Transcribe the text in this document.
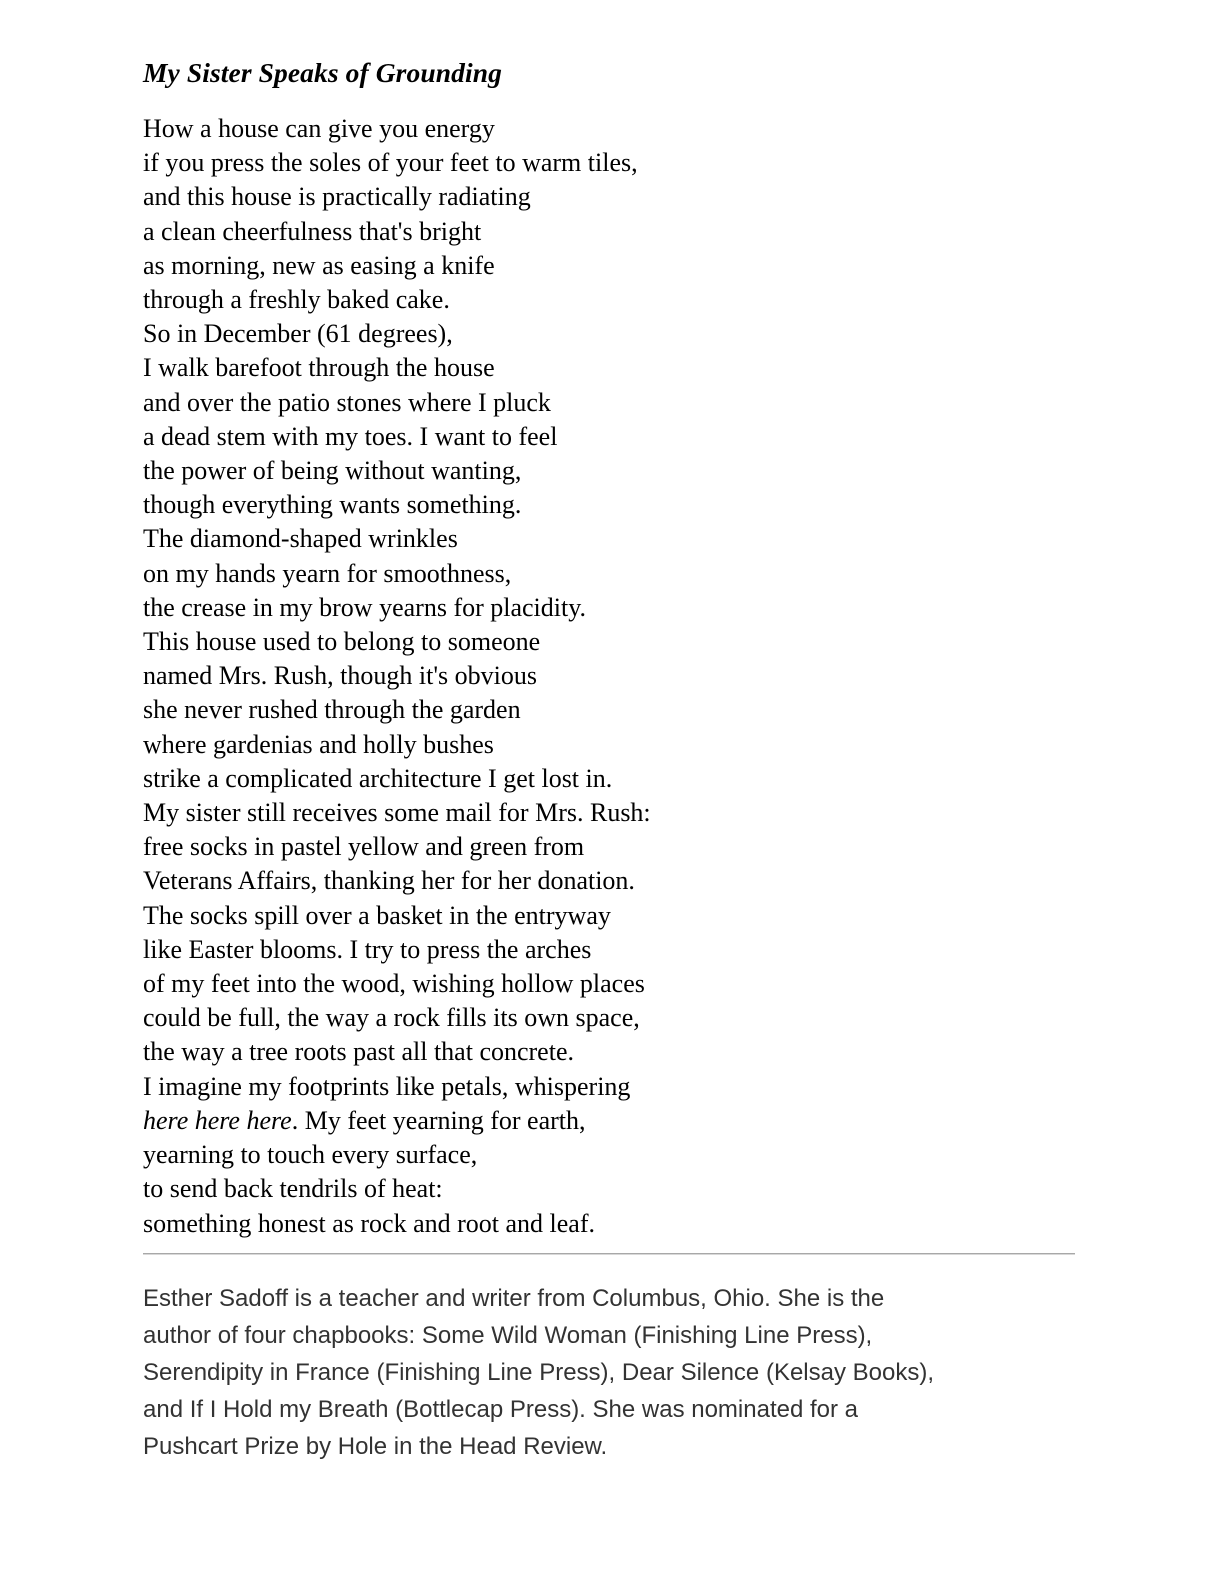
My Sister Speaks of Grounding
How a house can give you energy
if you press the soles of your feet to warm tiles,
and this house is practically radiating
a clean cheerfulness that's bright
as morning, new as easing a knife
through a freshly baked cake.
So in December (61 degrees),
I walk barefoot through the house
and over the patio stones where I pluck
a dead stem with my toes. I want to feel
the power of being without wanting,
though everything wants something.
The diamond-shaped wrinkles
on my hands yearn for smoothness,
the crease in my brow yearns for placidity.
This house used to belong to someone
named Mrs. Rush, though it's obvious
she never rushed through the garden
where gardenias and holly bushes
strike a complicated architecture I get lost in.
My sister still receives some mail for Mrs. Rush:
free socks in pastel yellow and green from
Veterans Affairs, thanking her for her donation.
The socks spill over a basket in the entryway
like Easter blooms. I try to press the arches
of my feet into the wood, wishing hollow places
could be full, the way a rock fills its own space,
the way a tree roots past all that concrete.
I imagine my footprints like petals, whispering
here here here. My feet yearning for earth,
yearning to touch every surface,
to send back tendrils of heat:
something honest as rock and root and leaf.
Esther Sadoff is a teacher and writer from Columbus, Ohio. She is the
author of four chapbooks: Some Wild Woman (Finishing Line Press),
Serendipity in France (Finishing Line Press), Dear Silence (Kelsay Books),
and If I Hold my Breath (Bottlecap Press). She was nominated for a
Pushcart Prize by Hole in the Head Review.
